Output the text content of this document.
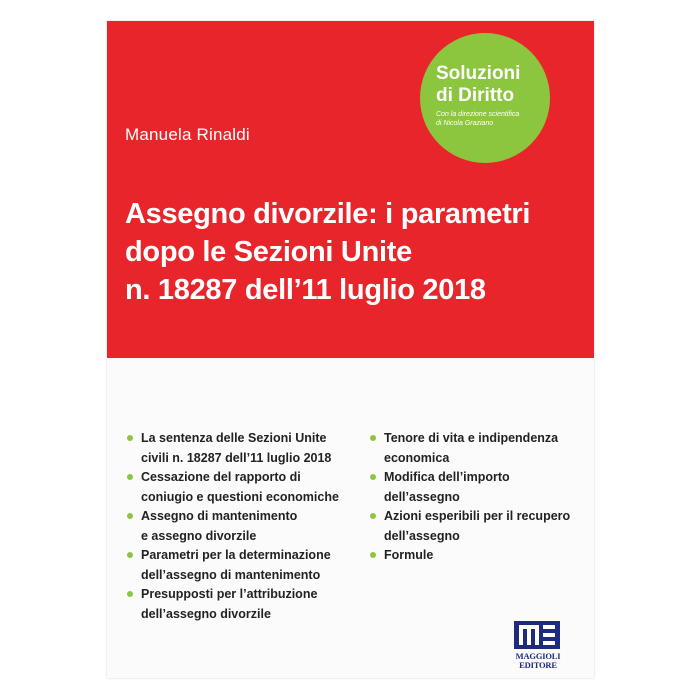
Soluzioni
di Diritto
Con la direzione scientifica
di Nicola Graziano
Manuela Rinaldi
Assegno divorzile: i parametri
dopo le Sezioni Unite
n. 18287 dell’11 luglio 2018
La sentenza delle Sezioni Unite
civili n. 18287 dell’11 luglio 2018
Cessazione del rapporto di
coniugio e questioni economiche
Assegno di mantenimento
e assegno divorzile
Parametri per la determinazione
dell’assegno di mantenimento
Presupposti per l’attribuzione
dell’assegno divorzile
Tenore di vita e indipendenza
economica
Modifica dell’importo
dell’assegno
Azioni esperibili per il recupero
dell’assegno
Formule
MAGGIOLI
EDITORE
